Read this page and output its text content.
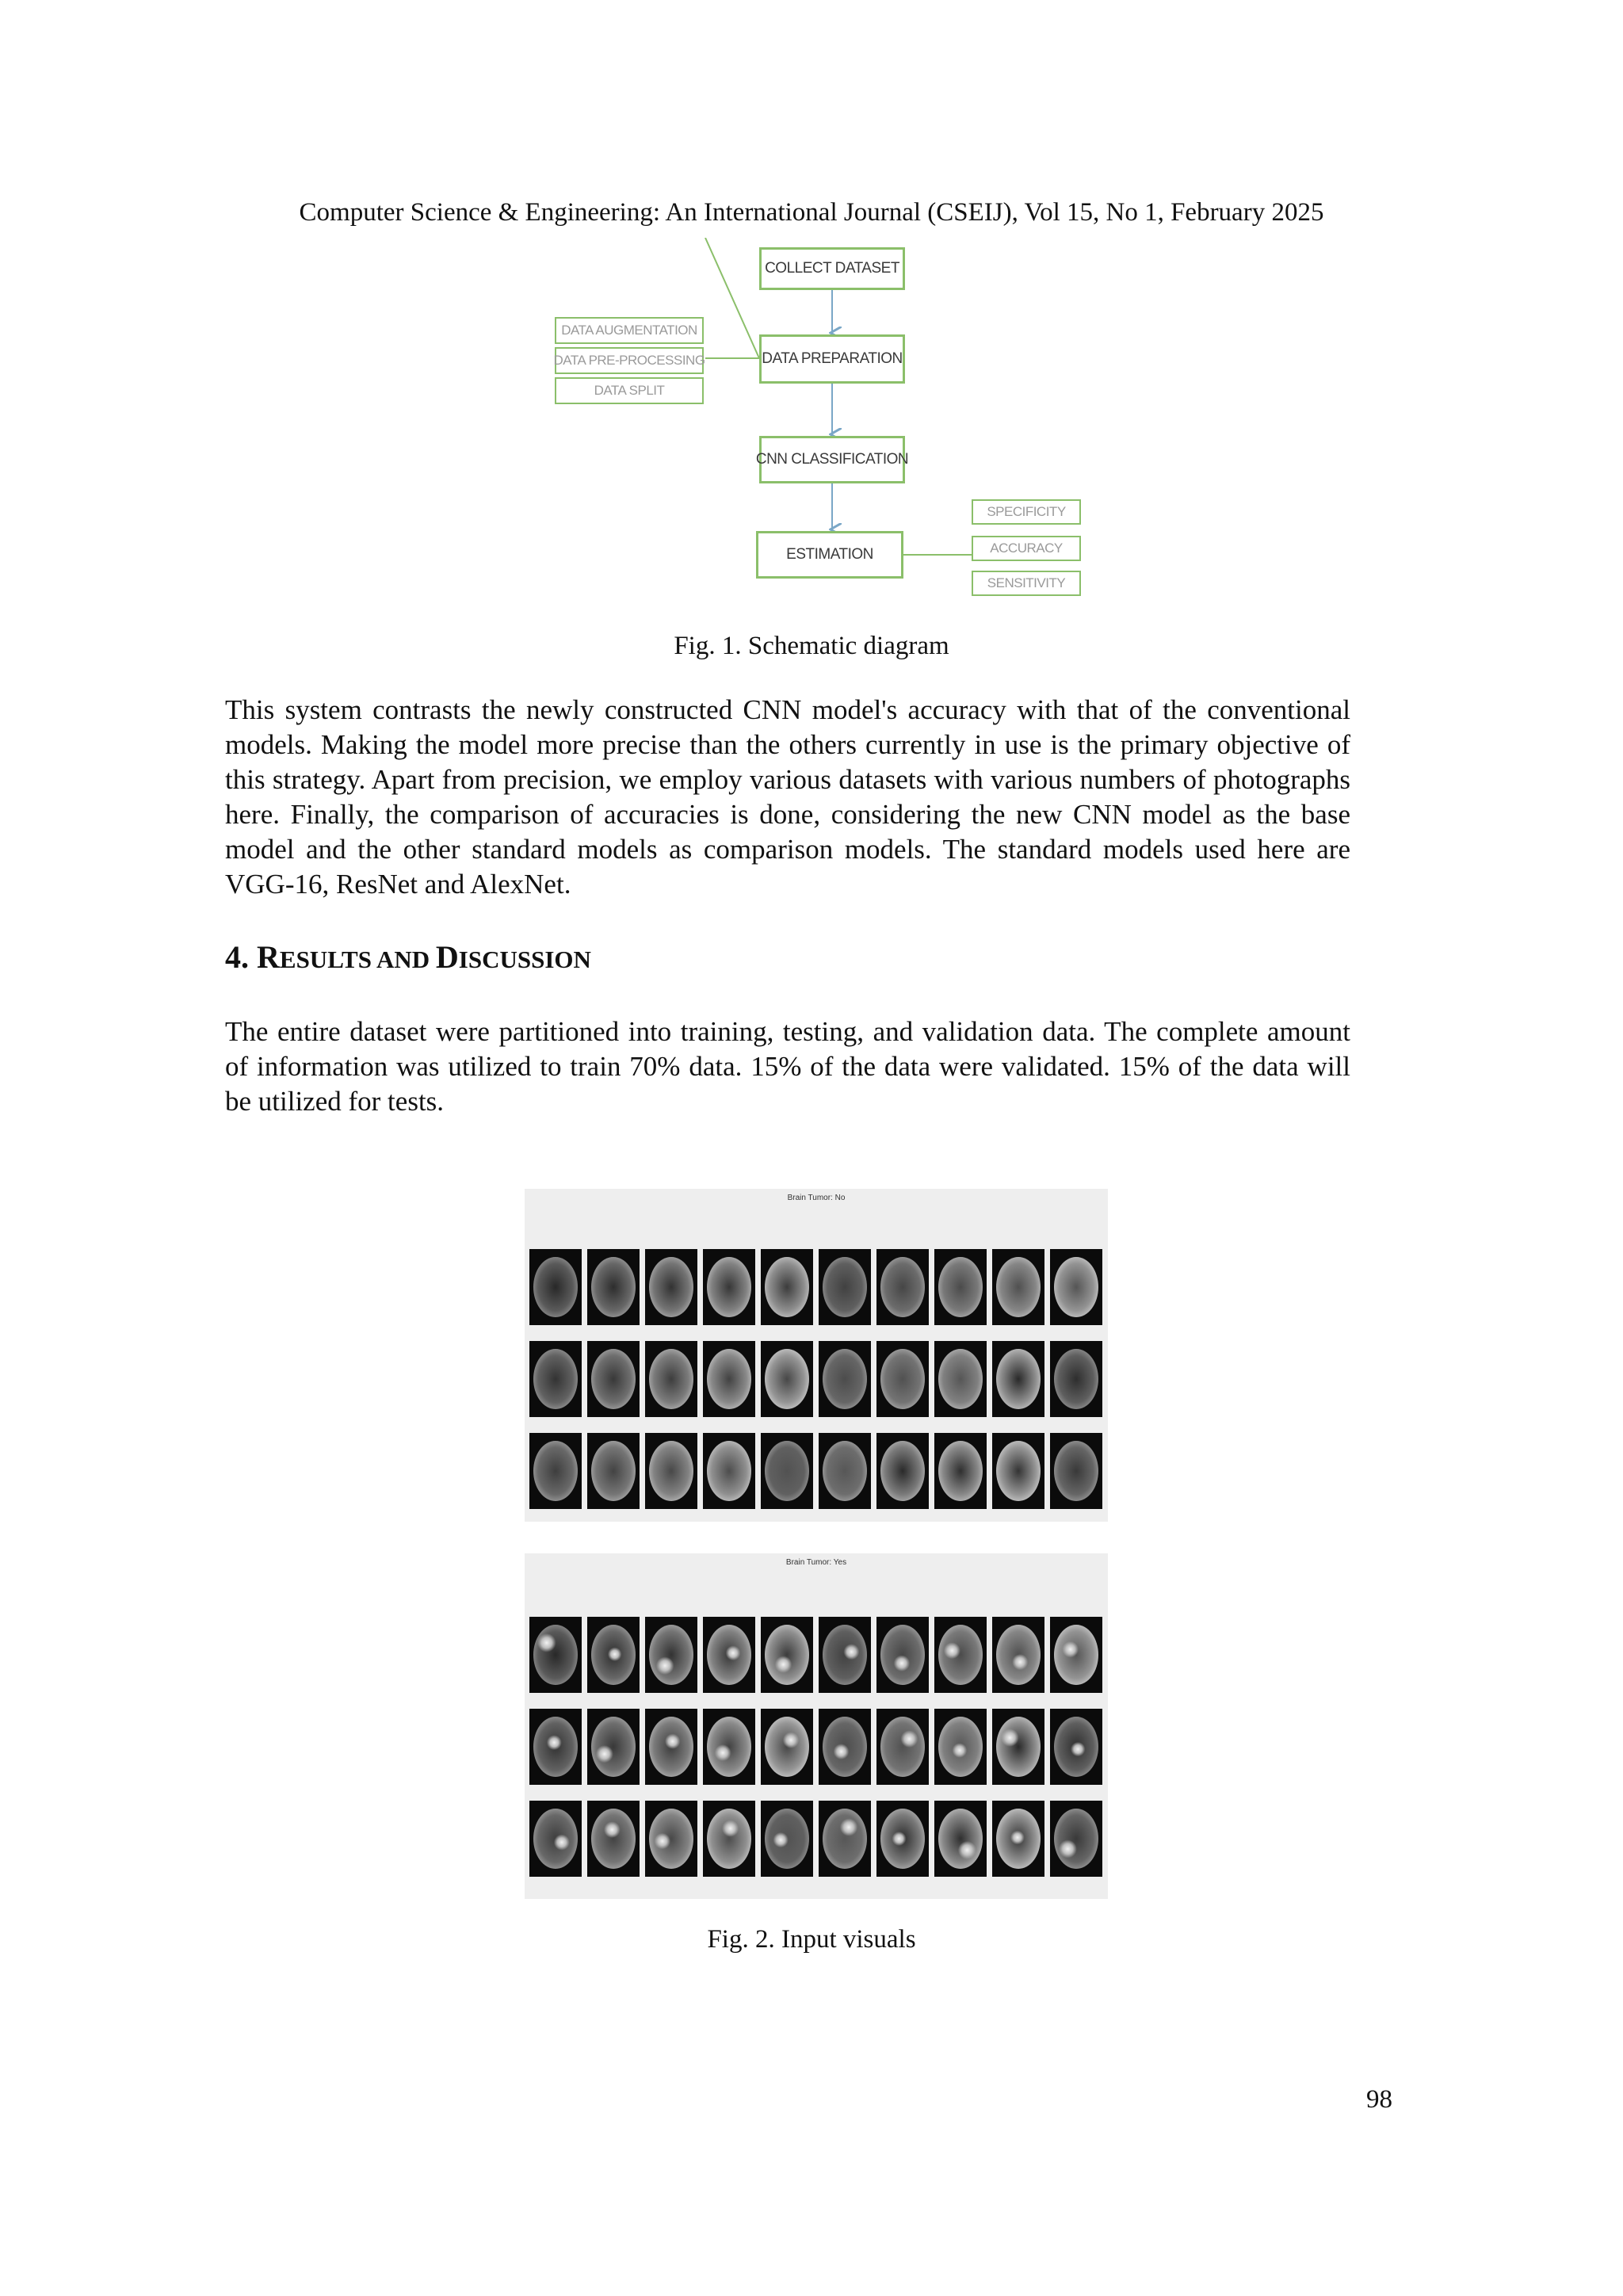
Computer Science & Engineering: An International Journal (CSEIJ), Vol 15, No 1, February 2025
COLLECT DATASET
DATA PREPARATION
CNN CLASSIFICATION
ESTIMATION
DATA AUGMENTATION
DATA PRE-PROCESSING
DATA SPLIT
SPECIFICITY
ACCURACY
SENSITIVITY
Fig. 1. Schematic diagram

This system contrasts the newly constructed CNN model's accuracy with that of the conventional models. Making the model more precise than the others currently in use is the primary objective of this strategy. Apart from precision, we employ various datasets with various numbers of photographs here. Finally, the comparison of accuracies is done, considering the new CNN model as the base model and the other standard models as comparison models. The standard models used here are VGG-16, ResNet and AlexNet.

4. RESULTS AND DISCUSSION

The entire dataset were partitioned into training, testing, and validation data. The complete amount of information was utilized to train 70% data. 15% of the data were validated. 15% of the data will be utilized for tests.

Brain Tumor: No
Brain Tumor: Yes
Fig. 2. Input visuals
98
